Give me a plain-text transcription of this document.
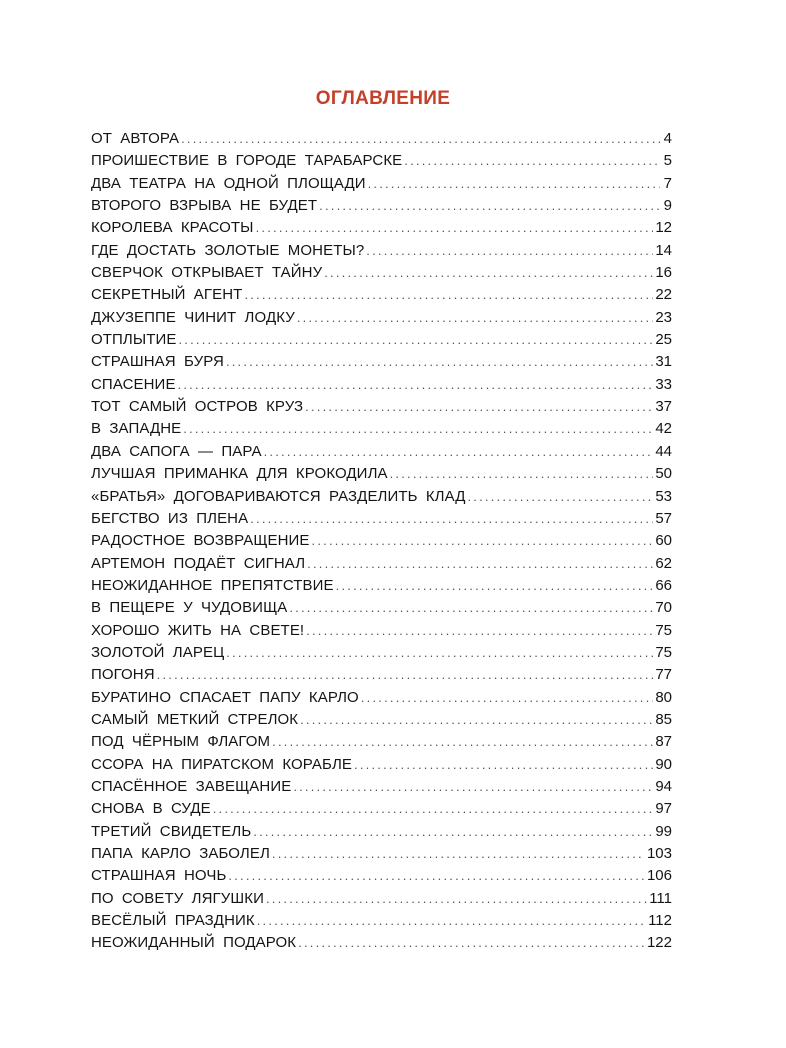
ОГЛАВЛЕНИЕ
ОТ АВТОРА .....	4
ПРОИШЕСТВИЕ В ГОРОДЕ ТАРАБАРСКЕ .....	5
ДВА ТЕАТРА НА ОДНОЙ ПЛОЩАДИ .....	7
ВТОРОГО ВЗРЫВА НЕ БУДЕТ .....	9
КОРОЛЕВА КРАСОТЫ .....	12
ГДЕ ДОСТАТЬ ЗОЛОТЫЕ МОНЕТЫ? .....	14
СВЕРЧОК ОТКРЫВАЕТ ТАЙНУ .....	16
СЕКРЕТНЫЙ АГЕНТ .....	22
ДЖУЗЕППЕ ЧИНИТ ЛОДКУ .....	23
ОТПЛЫТИЕ .....	25
СТРАШНАЯ БУРЯ .....	31
СПАСЕНИЕ .....	33
ТОТ САМЫЙ ОСТРОВ КРУЗ .....	37
В ЗАПАДНЕ .....	42
ДВА САПОГА — ПАРА .....	44
ЛУЧШАЯ ПРИМАНКА ДЛЯ КРОКОДИЛА .....	50
«БРАТЬЯ» ДОГОВАРИВАЮТСЯ РАЗДЕЛИТЬ КЛАД .....	53
БЕГСТВО ИЗ ПЛЕНА .....	57
РАДОСТНОЕ ВОЗВРАЩЕНИЕ .....	60
АРТЕМОН ПОДАЁТ СИГНАЛ .....	62
НЕОЖИДАННОЕ ПРЕПЯТСТВИЕ .....	66
В ПЕЩЕРЕ У ЧУДОВИЩА .....	70
ХОРОШО ЖИТЬ НА СВЕТЕ! .....	75
ЗОЛОТОЙ ЛАРЕЦ .....	75
ПОГОНЯ .....	77
БУРАТИНО СПАСАЕТ ПАПУ КАРЛО .....	80
САМЫЙ МЕТКИЙ СТРЕЛОК .....	85
ПОД ЧЁРНЫМ ФЛАГОМ .....	87
ССОРА НА ПИРАТСКОМ КОРАБЛЕ .....	90
СПАСЁННОЕ ЗАВЕЩАНИЕ .....	94
СНОВА В СУДЕ .....	97
ТРЕТИЙ СВИДЕТЕЛЬ .....	99
ПАПА КАРЛО ЗАБОЛЕЛ .....	103
СТРАШНАЯ НОЧЬ .....	106
ПО СОВЕТУ ЛЯГУШКИ .....	111
ВЕСЁЛЫЙ ПРАЗДНИК .....	112
НЕОЖИДАННЫЙ ПОДАРОК .....	122
